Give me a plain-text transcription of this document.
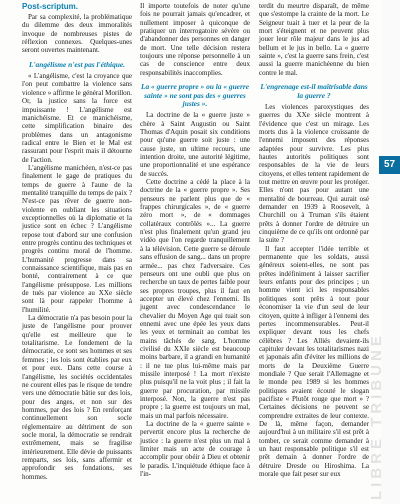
Post-scriptum.

Par sa complexité, la problématique du dilemme des deux immoralités invoque de nombreuses pistes de réflexion connexes. Quelques-unes seront ouvertes maintenant.

L'angélisme n'est pas l'éthique.

« L'angélisme, c'est la croyance que l'on peut combattre la violence sans violence » affirme le général Morillon. Or, la justice sans la force est impuissante ! L'angélisme est manichéisme. Et ce manichéisme, cette simplification binaire des problèmes dans un antagonisme radical entre le Bien et le Mal est rassurant pour l'esprit mais il détourne de l'action.

L'angélisme manichéen, n'est-ce pas finalement le gage de pratiques du temps de guerre à l'aune de la mentalité tranquille du temps de paix ? N'est-ce pas rêver de guerre non-violente en oubliant les situations exceptionnelles où la diplomatie et la justice sont en échec ? L'angélisme repose tout d'abord sur une confusion entre progrès continu des techniques et progrès continu moral de l'homme. L'humanité progresse dans sa connaissance scientifique, mais pas en bonté, contrairement à ce que l'angélisme présuppose. Les millions de tués par violence au XXe siècle sont là pour rappeler l'homme à l'humilité.

La démocratie n'a pas besoin pour la juste de l'angélisme pour prouver qu'elle est meilleure que le totalitarisme. Le fondement de la démocratie, ce sont ses hommes et ses femmes ; les lois sont établies par eux et pour eux. Dans cette course à l'angélisme, les sociétés occidentales ne courent elles pas le risque de tendre vers une démocratie bâtie sur des lois, pour des anges, et non sur des hommes, par des lois ? En renforçant continuellement son socle réglementaire au détriment de son socle moral, la démocratie se rendrait extrêmement, mais se fragilise intérieurement. Elle dévie de puissants remparts, ses lois, sans affermir et approfondir ses fondations, ses hommes.

Il importe toutefois de noter qu'une fois ne pourrait jamais qu'encadrer, et nullement imposer à quiconque de pratiquer un interrogatoire sévère ou d'abandonner des personnes en danger de mort. Une telle décision restera toujours une réponse personnelle à un cas de conscience entre deux responsabilités inaccomplies.

La « guerre propre » ou la « guerre sainte » ne sont pas des « guerres justes ».

La doctrine de la « guerre juste » chère à Saint Augustin ou Saint Thomas d'Aquin posait six conditions pour qu'une guerre soit juste : une cause juste, un ultime recours, une intention droite, une autorité légitime, une proportionnalité et une espérance de succès.

Cette doctrine a cédé la place à la doctrine de la « guerre propre ». Ses penseurs ne parlent plus que de « frappes chirurgicales », de « guerre zéro mort », de « dommages collatéraux contrôlés »... La guerre n'est plus finalement qu'un grand jeu vidéo que l'on regarde tranquillement à la télévision. Cette guerre se déroule sans effusion de sang... dans un propre armée... pas chez l'adversaire. Ces penseurs ont une oubli que plus on recherche un taux de pertes faible pour ses propres troupes, plus il faut en accepter un élevé chez l'ennemi. Ils jugent avec condescendance le chevalier du Moyen Age qui tuait son ennemi avec une épée les yeux dans les yeux et terminait au combat les mains tâchés de sang. L'homme civilisé du XXIe siècle est beaucoup moins barbare, il a grandi en humanité : il ne tue plus lui-même mais par missile interposé ! La mort n'existe plus puisqu'il ne la voit plus ; il fait la guerre par procuration, par missile interposé. Non, la guerre n'est pas propre ; la guerre est toujours un mal, mais un mal parfois nécessaire.

La doctrine de la « guerre sainte » pervertit encore plus la recherche de justice : la guerre n'est plus un mal à limiter mais un acte de courage à accomplir pour obéir à Dieu et obtenir le paradis. L'inquiétude éthique face à l'in-

terdit du meurtre disparaît, de même que s'estompe la crainte de la mort. Le Seigneur tuait à tuer et la peur de la mort s'éteignent et ne peuvent plus jouer leur rôle majeur dans le jus ad bellum et le jus in bello. La « guerre sainte », c'est la guerre sans frein, c'est aussi la guerre manichéenne du bien contre le mal.

L'engrenage est-il maîtrisable dans la guerre ?

Les violences paroxystiques des guerres du XXe siècle montrent à l'évidence que c'est un mirage. Les morts dus à la violence croissante de l'ennemi imposent des réponses adaptées pour survivre. Les plus hautes autorités politiques sont responsables de la vie de leurs citoyens, et elles tentent rapidement de tout mettre en œuvre pour les protéger. Elles n'ont pas pour autant une mentalité de bourreau. Qui aurait osé demander en 1939 à Roosevelt, à Churchill ou à Truman s'ils étaient prêts à donner l'ordre de détruire un cinquième de ce qu'ils ont ordonné par la suite ?

Il faut accepter l'idée terrible et permanente que les soldats, aussi généreux soient-elles, ne sont pas prêtes indéfiniment à laisser sacrifier leurs enfants pour des principes ; un homme vient ici les responsables politiques sont prêts à tout pour économiser la vie d'un seul de leur citoyen, quitte à infliger à l'ennemi des pertes incommensurables. Peut-il expliquer devant tous les chefs célèbres ? Les Alliés devaient-ils capituler devant les totalitarismes nazi et japonais afin d'éviter les millions de morts de la Deuxième Guerre mondiale ? Que serait l'Allemagne et le monde peu 1989 si les hommes politiques avaient écouté le slogan pacifiste « Plutôt rouge que mort » ? Certaines décisions ne peuvent se comprendre extraites de leur contexte. De là, même façon, demander aujourd'hui à un militaire s'il est prêt à tomber, ce serait comme demander à un haut responsable politique s'il est prêt demain à donner l'ordre de détruire Dresde ou Hiroshima. La morale que fait peser sur eux	LIBRE TRIBUNE
57
